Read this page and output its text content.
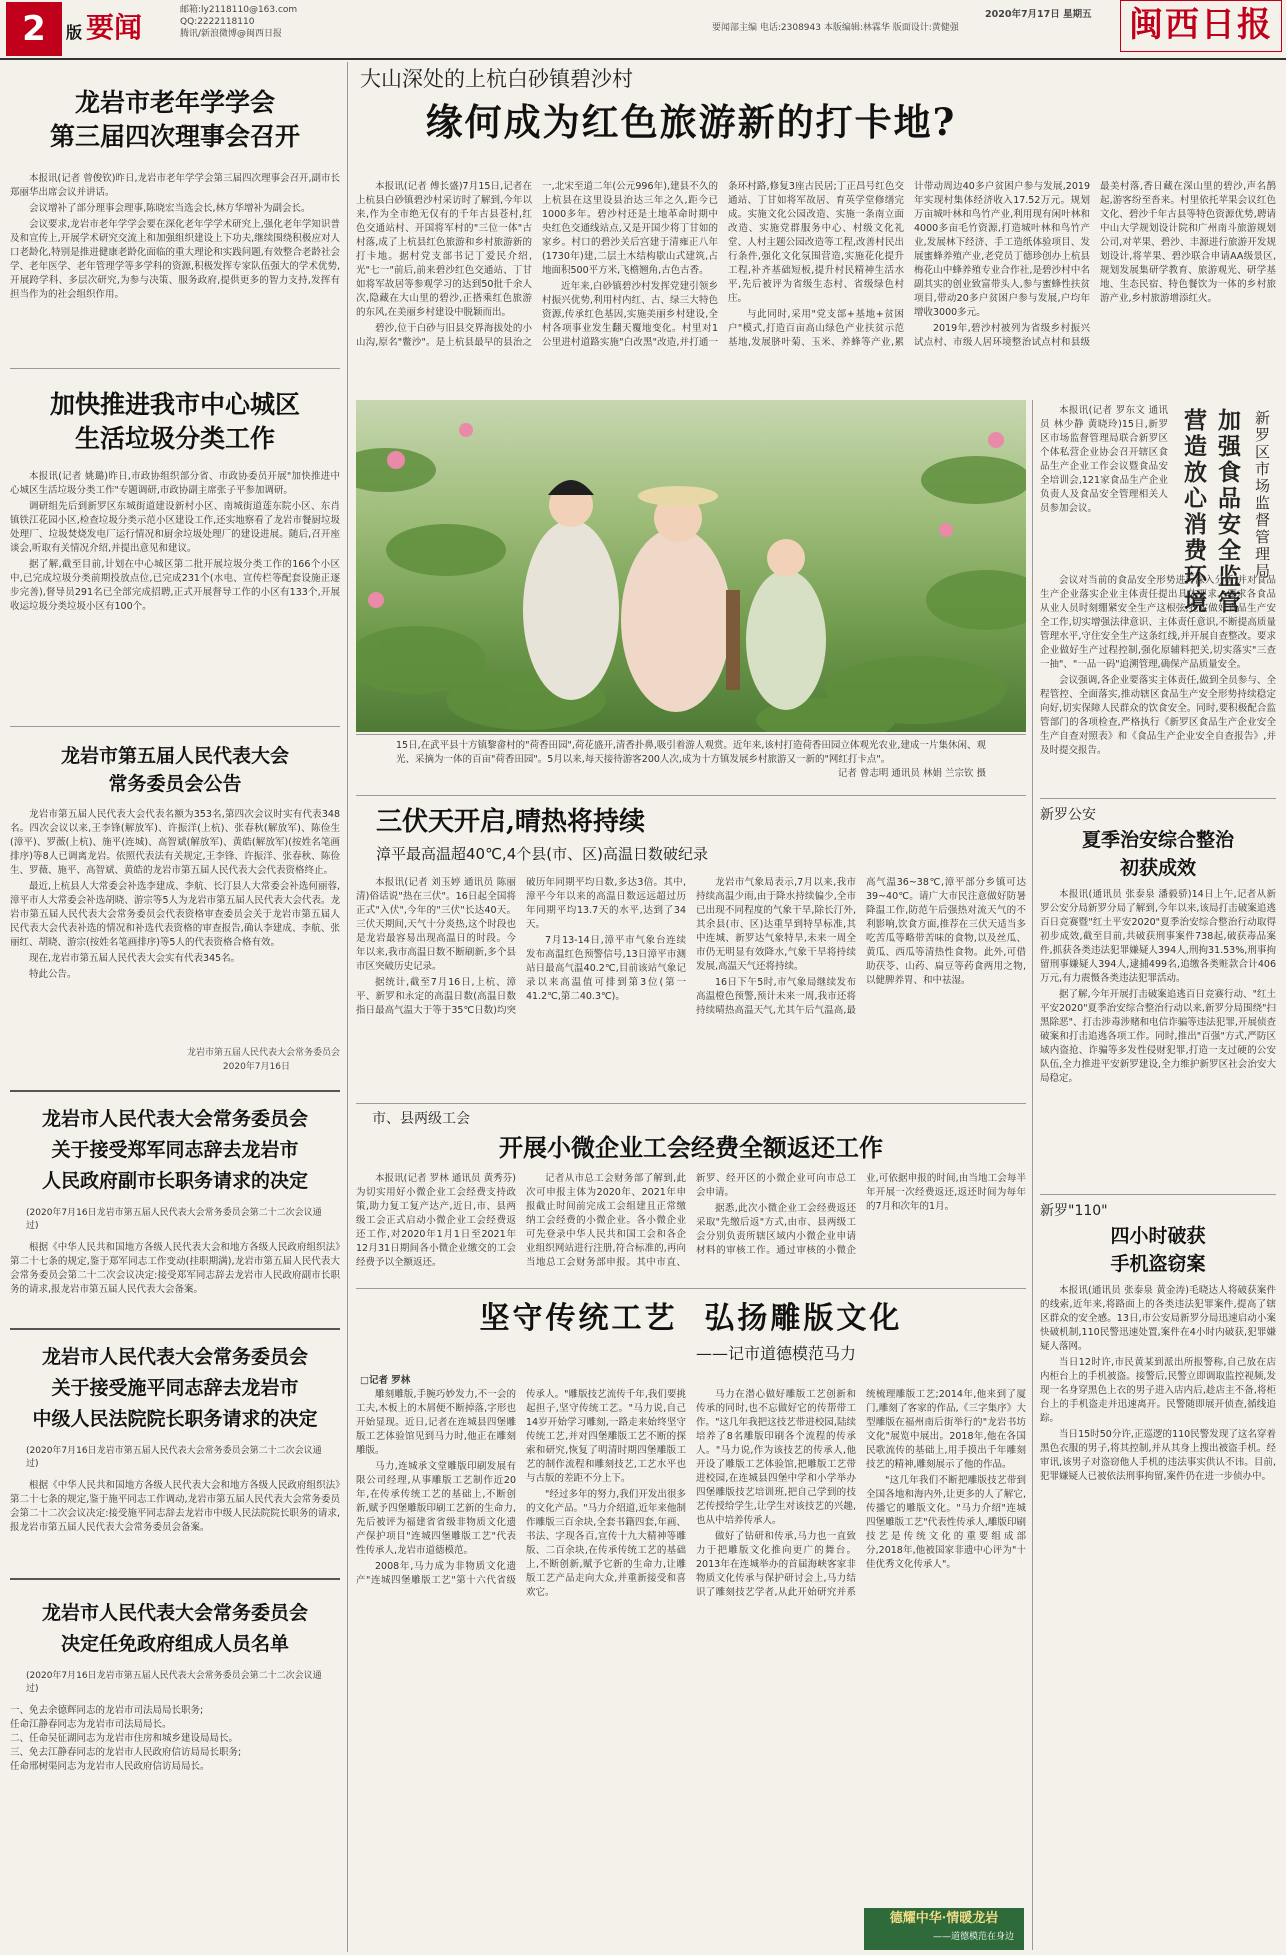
2	版 要闻
邮箱:ly2118110@163.com
QQ:2222118110
腾讯/新浪微博@闽西日报
要闻部主编 电话:2308943 本版编辑:林霖华 版面设计:黄健强
2020年7月17日 星期五 闽西日报
龙岩市老年学学会
第三届四次理事会召开

本报讯(记者 曾俊钦)昨日,龙岩市老年学学会第三届四次理事会召开,副市长郑丽华出席会议并讲话。

会议增补了部分理事会理事,陈晓宏当选会长,林方华增补为副会长。

会议要求,龙岩市老年学学会要在深化老年学学术研究上,强化老年学知识普及和宣传上,开展学术研究交流上和加强组织建设上下功夫,继续围绕积极应对人口老龄化,特别是推进健康老龄化面临的重大理论和实践问题,有效整合老龄社会学、老年医学、老年管理学等多学科的资源,积极发挥专家队伍强大的学术优势,开展跨学科、多层次研究,为参与决策、服务政府,提供更多的智力支持,发挥有担当作为的社会组织作用。

加快推进我市中心城区
生活垃圾分类工作

本报讯(记者 姚璐)昨日,市政协组织部分省、市政协委员开展"加快推进中心城区生活垃圾分类工作"专题调研,市政协副主席张子平参加调研。

调研组先后到新罗区东城街道建设新村小区、南城街道莲东院小区、东肖镇铁江花园小区,检查垃圾分类示范小区建设工作,还实地察看了龙岩市餐厨垃圾处理厂、垃圾焚烧发电厂运行情况和厨余垃圾处理厂的建设进展。随后,召开座谈会,听取有关情况介绍,并提出意见和建议。

据了解,截至目前,计划在中心城区第二批开展垃圾分类工作的166个小区中,已完成垃圾分类前期投放点位,已完成231个(水电、宣传栏等配套设施正逐步完善),督导员291名已全部完成招聘,正式开展督导工作的小区有133个,开展收运垃圾分类垃圾小区有100个。

龙岩市第五届人民代表大会
常务委员会公告

龙岩市第五届人民代表大会代表名额为353名,第四次会议时实有代表348名。四次会议以来,王李锋(解放军)、许振洋(上杭)、张春秋(解放军)、陈俭生(漳平)、罗薇(上杭)、施平(连城)、高智斌(解放军)、黄皓(解放军)(按姓名笔画排序)等8人已调离龙岩。依照代表法有关规定,王李锋、许振洋、张春秋、陈俭生、罗薇、施平、高智斌、黄皓的龙岩市第五届人民代表大会代表资格终止。

最近,上杭县人大常委会补选李建成、李航、长汀县人大常委会补选何丽蓉,漳平市人大常委会补选胡晓、游宗等5人为龙岩市第五届人民代表大会代表。龙岩市第五届人民代表大会常务委员会代表资格审查委员会关于龙岩市第五届人民代表大会代表补选的情况和补选代表资格的审查报告,确认李建成、李航、张丽红、胡晓、游宗(按姓名笔画排序)等5人的代表资格合格有效。

现在,龙岩市第五届人民代表大会实有代表345名。

特此公告。

龙岩市第五届人民代表大会常务委员会
2020年7月16日
龙岩市人民代表大会常务委员会
关于接受郑军同志辞去龙岩市
人民政府副市长职务请求的决定
(2020年7月16日龙岩市第五届人民代表大会常务委员会第二十二次会议通过)

根据《中华人民共和国地方各级人民代表大会和地方各级人民政府组织法》第二十七条的规定,鉴于郑军同志工作变动(挂职期满),龙岩市第五届人民代表大会常务委员会第二十二次会议决定:接受郑军同志辞去龙岩市人民政府副市长职务的请求,报龙岩市第五届人民代表大会备案。

龙岩市人民代表大会常务委员会
关于接受施平同志辞去龙岩市
中级人民法院院长职务请求的决定
(2020年7月16日龙岩市第五届人民代表大会常务委员会第二十二次会议通过)

根据《中华人民共和国地方各级人民代表大会和地方各级人民政府组织法》第二十七条的规定,鉴于施平同志工作调动,龙岩市第五届人民代表大会常务委员会第二十二次会议决定:接受施平同志辞去龙岩市中级人民法院院长职务的请求,报龙岩市第五届人民代表大会常务委员会备案。

龙岩市人民代表大会常务委员会
决定任免政府组成人员名单
(2020年7月16日龙岩市第五届人民代表大会常务委员会第二十二次会议通过)

一、免去余德辉同志的龙岩市司法局局长职务;

任命江静春同志为龙岩市司法局局长。

二、任命吴征湖同志为龙岩市住房和城乡建设局局长。

三、免去江静春同志的龙岩市人民政府信访局局长职务;

任命邢树渠同志为龙岩市人民政府信访局局长。

大山深处的上杭白砂镇碧沙村
缘何成为红色旅游新的打卡地?

本报讯(记者 傅长盛)7月15日,记者在上杭县白砂镇碧沙村采访时了解到,今年以来,作为全市绝无仅有的千年古县苍村,红色交通站村、开国将军村的"三位一体"古村落,成了上杭县红色旅游和乡村旅游新的打卡地。据村党支部书记丁爱民介绍,光"七一"前后,前来碧沙红色交通站、丁甘如将军故居等参观学习的达到50批千余人次,隐藏在大山里的碧沙,正搭乘红色旅游的东风,在美丽乡村建设中脱颖而出。

碧沙,位于白砂与旧县交界海拔处的小山沟,原名"鳖沙"。是上杭县最早的县治之一,北宋至道二年(公元996年),建县不久的上杭县在这里设县治达三年之久,距今已1000多年。碧沙村还是土地革命时期中央红色交通线站点,又是开国少将丁甘如的家乡。村口的碧沙关后宫建于清雍正八年(1730年)建,二层土木结构歇山式建筑,占地面积500平方米,飞檐翘角,古色古香。

近年来,白砂镇碧沙村发挥党建引领乡村振兴优势,利用村内红、古、绿三大特色资源,传承红色基因,实施美丽乡村建设,全村各项事业发生翻天覆地变化。村里对1公里进村道路实施"白改黑"改造,并打通一条环村路,修复3座古民居;丁正昌号红色交通站、丁甘如将军故居、育英学堂修缮完成。实施文化公园改造、实施一条南立面改造、实施党群服务中心、村级文化礼堂、人村主题公园改造等工程,改善村民出行条件,强化文化氛围营造,实施花化提升工程,补齐基础短板,提升村民精神生活水平,先后被评为省级生态村、省级绿色村庄。

与此同时,采用"党支部+基地+贫困户"模式,打造百亩高山绿色产业扶贫示范基地,发展脐叶菊、玉米、养蜂等产业,累计带动周边40多户贫困户参与发展,2019年实现村集体经济收入17.52万元。规划万亩城叶林和鸟竹产业,利用现有闲叶林和4000多亩毛竹资源,打造城叶林和鸟竹产业,发展林下经济、手工造纸体验项目、发展蜜蜂养殖产业,老党员丁德珍创办上杭县梅花山中蜂养殖专业合作社,是碧沙村中名副其实的创业致富带头人,参与蜜蜂性扶贫项目,带动20多户贫困户参与发展,户均年增收3000多元。

2019年,碧沙村被列为省级乡村振兴试点村、市级人居环境整治试点村和县级最美村落,香日藏在深山里的碧沙,声名鹊起,游客纷至沓来。村里依托苹果会议红色文化、碧沙千年古县等特色资源优势,聘请中山大学规划设计院和广州南斗旅游规划公司,对苹果、碧沙、丰源进行旅游开发规划设计,将苹果、碧沙联合申请AA级景区,规划发展集研学教育、旅游观光、研学基地、生态民宿、特色餐饮为一体的乡村旅游产业,乡村旅游增添红火。

15日,在武平县十方镇黎畲村的"荷香田园",荷花盛开,清香扑鼻,吸引着游人观赏。近年来,该村打造荷香田园立体观光农业,建成一片集休闲、观光、采摘为一体的百亩"荷香田园"。5月以来,每天接待游客200人次,成为十方镇发展乡村旅游又一新的"网红打卡点"。
记者 曾志明 通讯员 林娟 兰宗钦 摄
三伏天开启,晴热将持续
漳平最高温超40℃,4个县(市、区)高温日数破纪录

本报讯(记者 刘玉婷 通讯员 陈丽清)俗话说"热在三伏"。16日起全国将正式"入伏",今年的"三伏"长达40天。三伏天期间,天气十分炎热,这个时段也是龙岩最容易出现高温日的时段。今年以来,我市高温日数不断刷新,多个县市区突破历史记录。

据统计,截至7月16日,上杭、漳平、新罗和永定的高温日数(高温日数指日最高气温大于等于35℃日数)均突破历年同期平均日数,多达3倍。其中,漳平今年以来的高温日数远远超过历年同期平均13.7天的水平,达到了34天。

7月13-14日,漳平市气象台连续发布高温红色预警信号,13日漳平市测站日最高气温40.2℃,目前该站气象记录以来高温值可排到第3位(第一41.2℃,第二40.3℃)。

龙岩市气象局表示,7月以来,我市持续高温少雨,由于降水持续偏少,全市已出现不同程度的气象干旱,除长汀外,其余县(市、区)达重旱到特旱标准,其中连城、新罗达气象特旱,未来一周全市仍无明显有效降水,气象干旱将持续发展,高温天气还将持续。

16日下午5时,市气象局继续发布高温橙色预警,预计未来一周,我市还将持续晴热高温天气,尤其午后气温高,最高气温36~38℃,漳平部分乡镇可达39~40℃。请广大市民注意做好防暑降温工作,防范午后强热对流天气的不利影响,饮食方面,推荐在三伏天适当多吃苦瓜等略带苦味的食物,以及丝瓜、黄瓜、西瓜等清热性食物。此外,可借助茯苓、山药、扁豆等药食两用之物,以健脾养胃、和中祛湿。

市、县两级工会
开展小微企业工会经费全额返还工作

本报讯(记者 罗林 通讯员 黄秀芬)为切实用好小微企业工会经费支持政策,助力复工复产达产,近日,市、县两级工会正式启动小微企业工会经费返还工作,对2020年1月1日至2021年12月31日期间各小微企业缴交的工会经费予以全额返还。

记者从市总工会财务部了解到,此次可申报主体为2020年、2021年申报截止时间前完成工会组建且正常缴纳工会经费的小微企业。各小微企业可先登录中华人民共和国工会和各企业组织网站进行注册,符合标准的,再向当地总工会财务部申报。其中市直、新罗、经开区的小微企业可向市总工会申请。

据悉,此次小微企业工会经费返还采取"先缴后返"方式,由市、县两级工会分别负责所辖区域内小微企业申请材料的审核工作。通过审核的小微企业,可依据申报的时间,由当地工会每半年开展一次经费返还,返还时间为每年的7月和次年的1月。

坚守传统工艺  弘扬雕版文化
——记市道德模范马力
□记者 罗林

雕刻雕版,手腕巧妙发力,不一会的工夫,木板上的木屑便不断掉落,字形也开始显现。近日,记者在连城县四堡雕版工艺体验馆见到马力时,他正在雕刻雕版。

马力,连城承文堂雕版印刷发展有限公司经理,从事雕版工艺制作近20年,在传承传统工艺的基础上,不断创新,赋予四堡雕版印刷工艺新的生命力,先后被评为福建省省级非物质文化遗产保护项目"连城四堡雕版工艺"代表性传承人,龙岩市道德模范。

2008年,马力成为非物质文化遗产"连城四堡雕版工艺"第十六代省级传承人。"雕版技艺流传千年,我们要挑起担子,坚守传统工艺。"马力说,自己14岁开始学习雕刻,一路走来始终坚守传统工艺,并对四堡雕版工艺不断的探索和研究,恢复了明清时期四堡雕版工艺的制作流程和雕刻技艺,工艺水平也与古版的差距不分上下。

"经过多年的努力,我们开发出很多的文化产品。"马力介绍道,近年来他制作雕版三百余块,全套书籍四套,年画、书法、字现各百,宣传十九大精神等雕版、二百余块,在传承传统工艺的基础上,不断创新,赋予它新的生命力,让雕版工艺产品走向大众,并重新接受和喜欢它。

马力在潜心做好雕版工艺创新和传承的同时,也不忘做好它的传帮带工作。"这几年我把这技艺带进校园,陆续培养了8名雕版印刷各个流程的传承人。"马力说,作为该技艺的传承人,他开设了雕版工艺体验馆,把雕版工艺带进校园,在连城县四堡中学和小学举办四堡雕版技艺培训班,把自己学到的技艺传授给学生,让学生对该技艺的兴趣,也从中培养传承人。

做好了钻研和传承,马力也一直致力于把雕版文化推向更广的舞台。2013年在连城举办的首届海峡客家非物质文化传承与保护研讨会上,马力结识了雕刻技艺学者,从此开始研究并系统梳理雕版工艺;2014年,他来到了厦门,雕刻了客家的作品,《三字集序》大型雕版在福州南后街举行的"龙岩书坊文化"展览中展出。2018年,他在各国民歌流传的基础上,用手摸出千年雕刻技艺的精神,雕刻展示了他的作品。

"这几年我们不断把雕版技艺带到全国各地和海内外,让更多的人了解它,传播它的雕版文化。"马力介绍"连城四堡雕版工艺"代表性传承人,雕版印刷技艺是传统文化的重要组成部分,2018年,他被国家非遗中心评为"十佳优秀文化传承人"。

德耀中华·情暖龙岩
——道德模范在身边
新罗区市场监督管理局
加强食品安全监管
营造放心消费环境

本报讯(记者 罗东文 通讯员 林少静 黄晓玲)15日,新罗区市场监督管理局联合新罗区个体私营企业协会召开辖区食品生产企业工作会议暨食品安全培训会,121家食品生产企业负责人及食品安全管理相关人员参加会议。

会议对当前的食品安全形势进行深入分析,并对食品生产企业落实企业主体责任提出具体要求。要求各食品从业人员时刻绷紧安全生产这根弦,扎实做好食品生产安全工作,切实增强法律意识、主体责任意识,不断提高质量管理水平,守住安全生产这条红线,并开展自查整改。要求企业做好生产过程控制,强化原辅料把关,切实落实"三查一抽"、"一品一码"追溯管理,确保产品质量安全。

会议强调,各企业要落实主体责任,做到全员参与、全程管控、全面落实,推动辖区食品生产安全形势持续稳定向好,切实保障人民群众的饮食安全。同时,要积极配合监管部门的各项检查,严格执行《新罗区食品生产企业安全生产自查对照表》和《食品生产企业安全自查报告》,并及时提交报告。

新罗公安
夏季治安综合整治
初获成效

本报讯(通讯员 张泰泉 潘毅骄)14日上午,记者从新罗公安分局新罗分局了解到,今年以来,该局打击破案追逃百日竞赛暨"红土平安2020"夏季治安综合整治行动取得初步成效,截至目前,共破获刑事案件738起,破获毒品案件,抓获各类违法犯罪嫌疑人394人,刑拘31.53%,刑事拘留刑事嫌疑人394人,逮捕499名,追缴各类赃款合计406万元,有力震慑各类违法犯罪活动。

据了解,今年开展打击破案追逃百日竞赛行动、"红土平安2020"夏季治安综合整治行动以来,新罗分局围绕"扫黑除恶"、打击涉毒涉赌和电信诈骗等违法犯罪,开展侦查破案和打击追逃各项工作。同时,推出"百强"方式,严防区域内盗抢、诈骗等多发性侵财犯罪,打造一支过硬的公安队伍,全力推进平安新罗建设,全力维护新罗区社会治安大局稳定。

新罗"110"
四小时破获
手机盗窃案

本报讯(通讯员 张泰泉 黄金涛)毛晓达人将破获案件的线索,近年来,将路面上的各类违法犯罪案件,提高了辖区群众的安全感。13日,市公安局新罗分局迅速启动小案快破机制,110民警迅速处置,案件在4小时内破获,犯罪嫌疑人落网。

当日12时许,市民黄某到派出所报警称,自己放在店内柜台上的手机被盗。接警后,民警立即调取监控视频,发现一名身穿黑色上衣的男子进入店内后,趁店主不备,将柜台上的手机盗走并迅速离开。民警随即展开侦查,循线追踪。

当日15时50分许,正巡逻的110民警发现了这名穿着黑色衣服的男子,将其控制,并从其身上搜出被盗手机。经审讯,该男子对盗窃他人手机的违法事实供认不讳。目前,犯罪嫌疑人已被依法刑事拘留,案件仍在进一步侦办中。
